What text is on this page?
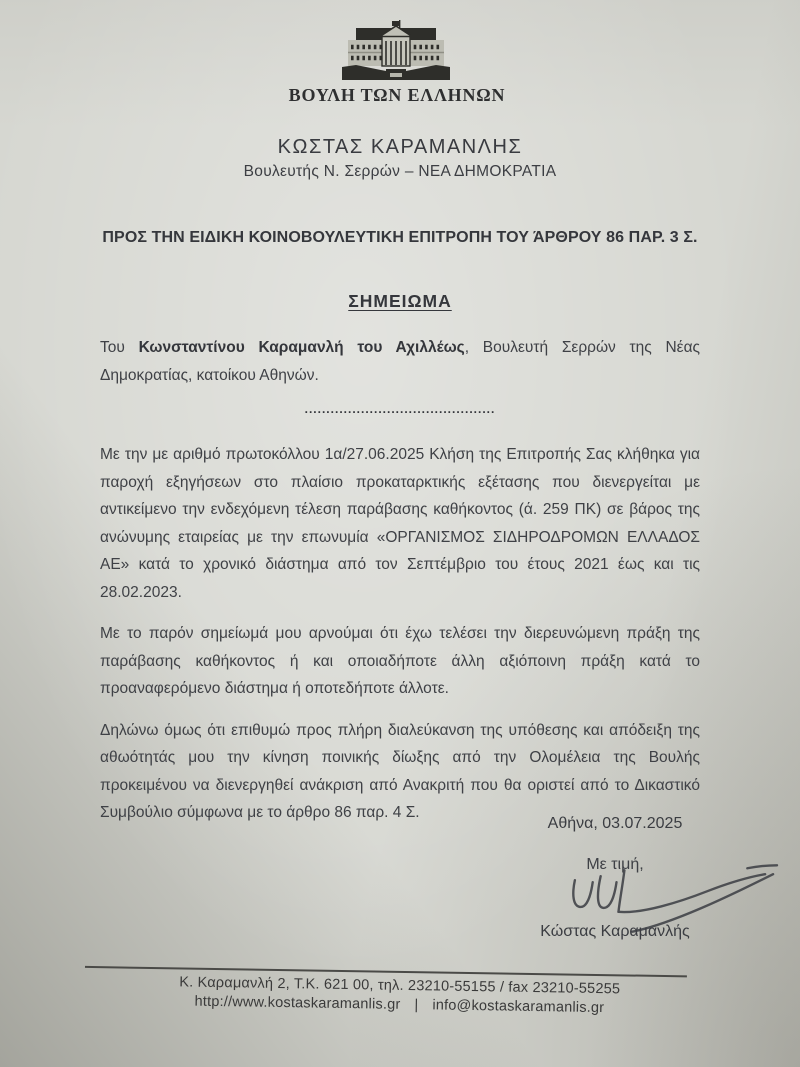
ΒΟΥΛΗ ΤΩΝ ΕΛΛΗΝΩΝ
ΚΩΣΤΑΣ ΚΑΡΑΜΑΝΛΗΣ
Βουλευτής Ν. Σερρών – ΝΕΑ ΔΗΜΟΚΡΑΤΙΑ
ΠΡΟΣ ΤΗΝ ΕΙΔΙΚΗ ΚΟΙΝΟΒΟΥΛΕΥΤΙΚΗ ΕΠΙΤΡΟΠΗ ΤΟΥ ΆΡΘΡΟΥ 86 ΠΑΡ. 3 Σ.
ΣΗΜΕΙΩΜΑ
Του Κωνσταντίνου Καραμανλή του Αχιλλέως, Βουλευτή Σερρών της Νέας Δημοκρατίας, κατοίκου Αθηνών.
............................................

Με την με αριθμό πρωτοκόλλου 1α/27.06.2025 Κλήση της Επιτροπής Σας κλήθηκα για παροχή εξηγήσεων στο πλαίσιο προκαταρκτικής εξέτασης που διενεργείται με αντικείμενο την ενδεχόμενη τέλεση παράβασης καθήκοντος (ά. 259 ΠΚ) σε βάρος της ανώνυμης εταιρείας με την επωνυμία «ΟΡΓΑΝΙΣΜΟΣ ΣΙΔΗΡΟΔΡΟΜΩΝ ΕΛΛΑΔΟΣ ΑΕ» κατά το χρονικό διάστημα από τον Σεπτέμβριο του έτους 2021 έως και τις 28.02.2023.

Με το παρόν σημείωμά μου αρνούμαι ότι έχω τελέσει την διερευνώμενη πράξη της παράβασης καθήκοντος ή και οποιαδήποτε άλλη αξιόποινη πράξη κατά το προαναφερόμενο διάστημα ή οποτεδήποτε άλλοτε.

Δηλώνω όμως ότι επιθυμώ προς πλήρη διαλεύκανση της υπόθεσης και απόδειξη της αθωότητάς μου την κίνηση ποινικής δίωξης από την Ολομέλεια της Βουλής προκειμένου να διενεργηθεί ανάκριση από Ανακριτή που θα οριστεί από το Δικαστικό Συμβούλιο σύμφωνα με το άρθρο 86 παρ. 4 Σ.

Αθήνα, 03.07.2025
Με τιμή,
Κώστας Καραμανλής
Κ. Καραμανλή 2, Τ.Κ. 621 00, τηλ. 23210-55155 / fax 23210-55255
http://www.kostaskaramanlis.gr | info@kostaskaramanlis.gr
